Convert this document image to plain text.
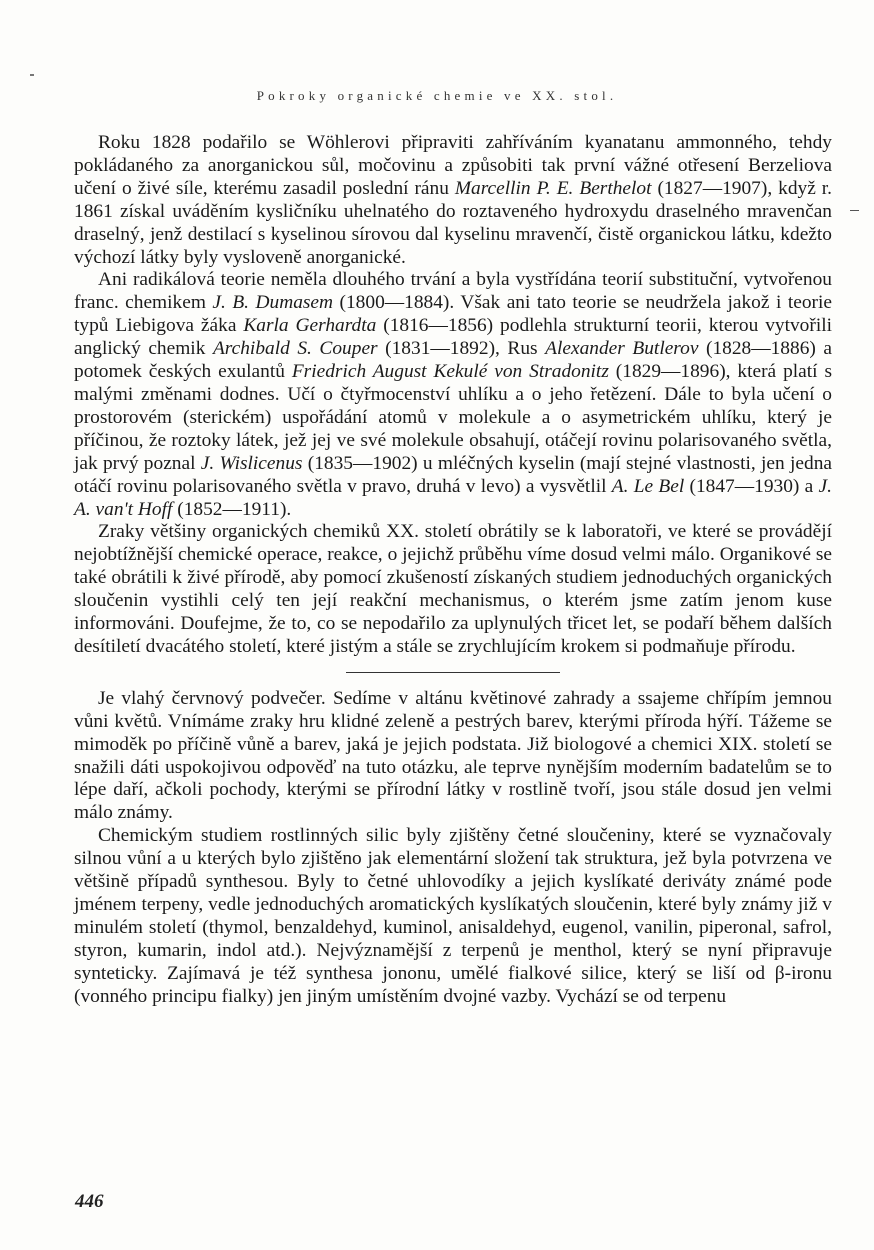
Pokroky organické chemie ve XX. stol.

Roku 1828 podařilo se Wöhlerovi připraviti zahříváním kyanatanu ammonného, tehdy pokládaného za anorganickou sůl, močovinu a způsobiti tak první vážné otřesení Berzeliova učení o živé síle, kterému zasadil poslední ránu Marcellin P. E. Berthelot (1827—1907), když r. 1861 získal uváděním kysličníku uhelnatého do roztaveného hydroxydu draselného mravenčan draselný, jenž destilací s kyselinou sírovou dal kyselinu mravenčí, čistě organickou látku, kdežto výchozí látky byly vysloveně anorganické.

Ani radikálová teorie neměla dlouhého trvání a byla vystřídána teorií substituční, vytvořenou franc. chemikem J. B. Dumasem (1800—1884). Však ani tato teorie se neudržela jakož i teorie typů Liebigova žáka Karla Gerhardta (1816—1856) podlehla strukturní teorii, kterou vytvořili anglický chemik Archibald S. Couper (1831—1892), Rus Alexander Butlerov (1828—1886) a potomek českých exulantů Friedrich August Kekulé von Stradonitz (1829—1896), která platí s malými změnami dodnes. Učí o čtyřmocenství uhlíku a o jeho řetězení. Dále to byla učení o prostorovém (sterickém) uspořádání atomů v molekule a o asymetrickém uhlíku, který je příčinou, že roztoky látek, jež jej ve své molekule obsahují, otáčejí rovinu polarisovaného světla, jak prvý poznal J. Wislicenus (1835—1902) u mléčných kyselin (mají stejné vlastnosti, jen jedna otáčí rovinu polarisovaného světla v pravo, druhá v levo) a vysvětlil A. Le Bel (1847—1930) a J. A. van't Hoff (1852—1911).

Zraky většiny organických chemiků XX. století obrátily se k laboratoři, ve které se provádějí nejobtížnější chemické operace, reakce, o jejichž průběhu víme dosud velmi málo. Organikové se také obrátili k živé přírodě, aby pomocí zkušeností získaných studiem jednoduchých organických sloučenin vystihli celý ten její reakční mechanismus, o kterém jsme zatím jenom kuse informováni. Doufejme, že to, co se nepodařilo za uplynulých třicet let, se podaří během dalších desítiletí dvacátého století, které jistým a stále se zrychlujícím krokem si podmaňuje přírodu.

Je vlahý červnový podvečer. Sedíme v altánu květinové zahrady a ssajeme chřípím jemnou vůni květů. Vnímáme zraky hru klidné zeleně a pestrých barev, kterými příroda hýří. Tážeme se mimoděk po příčině vůně a barev, jaká je jejich podstata. Již biologové a chemici XIX. století se snažili dáti uspokojivou odpověď na tuto otázku, ale teprve nynějším moderním badatelům se to lépe daří, ačkoli pochody, kterými se přírodní látky v rostlině tvoří, jsou stále dosud jen velmi málo známy.

Chemickým studiem rostlinných silic byly zjištěny četné sloučeniny, které se vyznačovaly silnou vůní a u kterých bylo zjištěno jak elementární složení tak struktura, jež byla potvrzena ve většině případů synthesou. Byly to četné uhlovodíky a jejich kyslíkaté deriváty známé pode jménem terpeny, vedle jednoduchých aromatických kyslíkatých sloučenin, které byly známy již v minulém století (thymol, benzaldehyd, kuminol, anisaldehyd, eugenol, vanilin, piperonal, safrol, styron, kumarin, indol atd.). Nejvýznamější z terpenů je menthol, který se nyní připravuje synteticky. Zajímavá je též synthesa jononu, umělé fialkové silice, který se liší od β-ironu (vonného principu fialky) jen jiným umístěním dvojné vazby. Vychází se od terpenu

446
